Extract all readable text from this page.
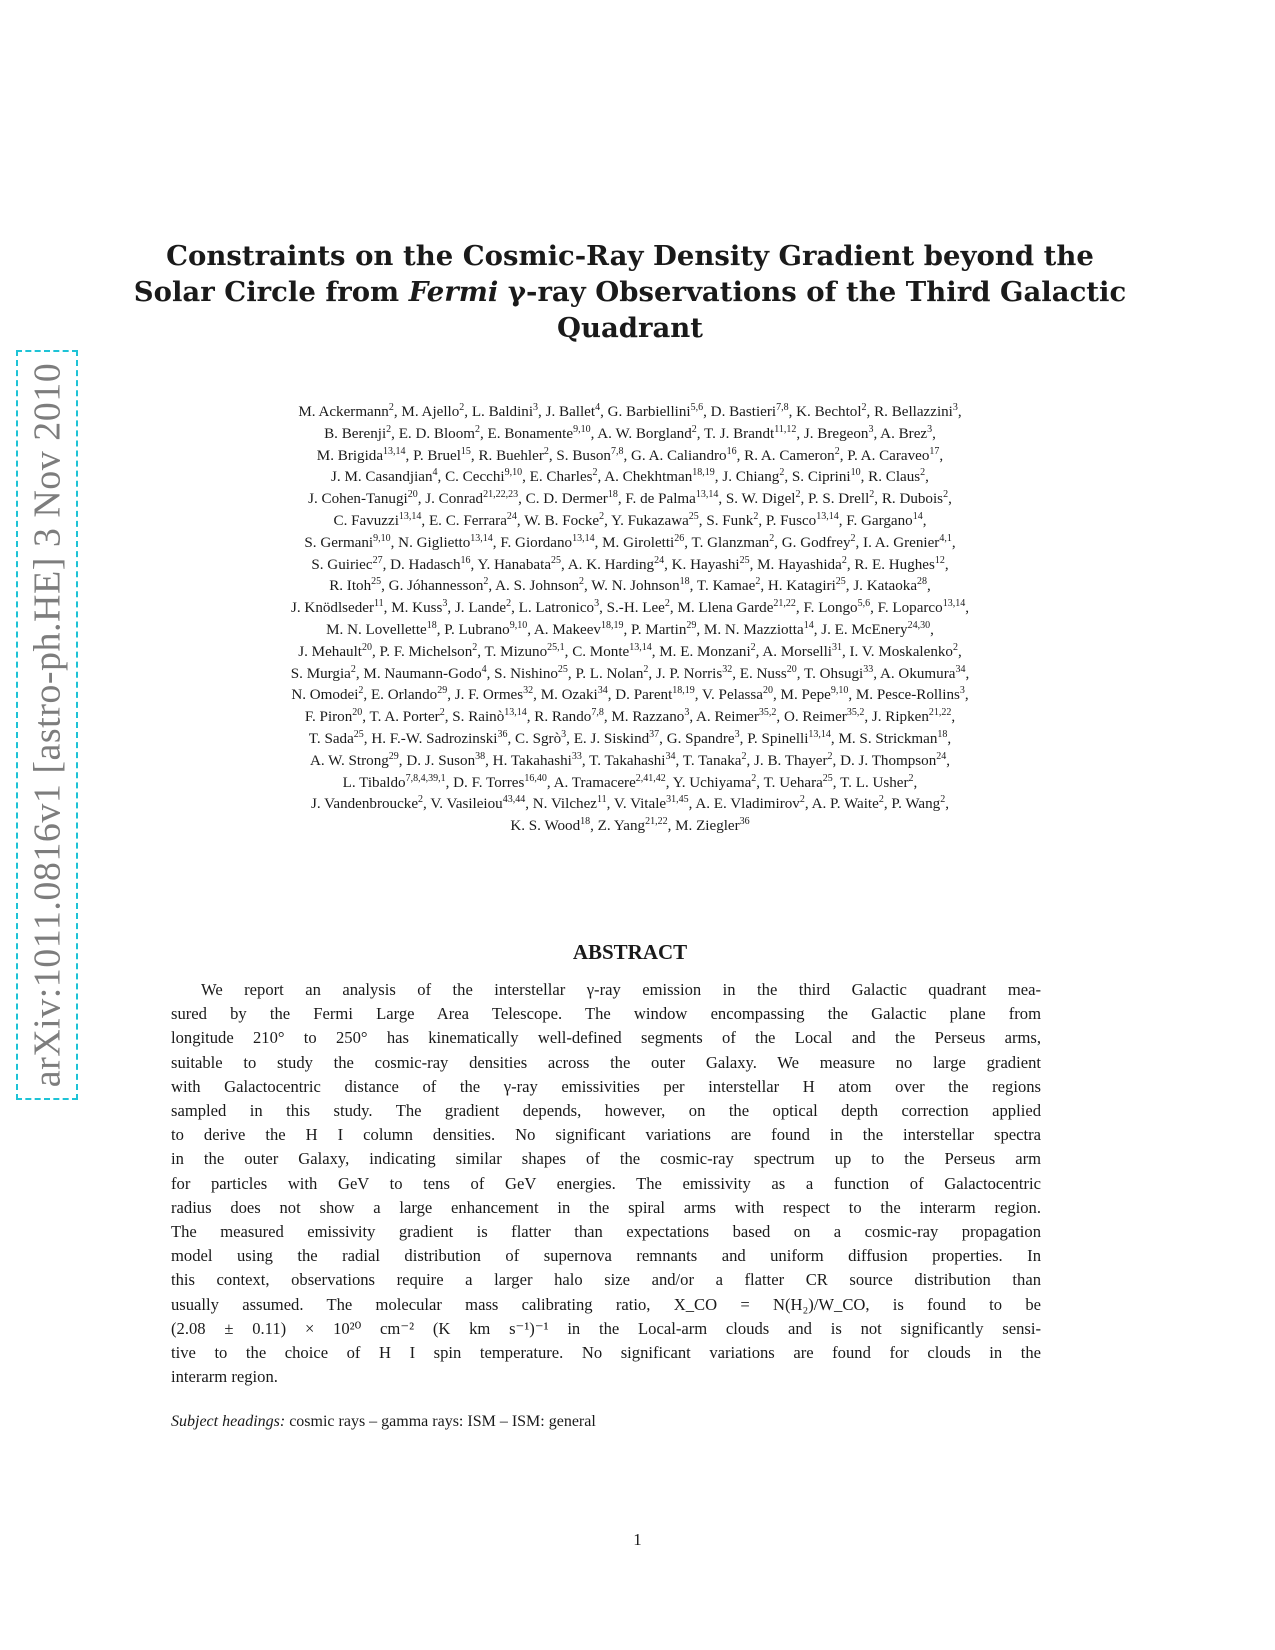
arXiv:1011.0816v1 [astro-ph.HE] 3 Nov 2010
Constraints on the Cosmic-Ray Density Gradient beyond the
Solar Circle from Fermi γ-ray Observations of the Third Galactic
Quadrant
M. Ackermann$^2$, M. Ajello$^2$, L. Baldini$^3$, J. Ballet$^4$, G. Barbiellini$^{5,6}$, D. Bastieri$^{7,8}$, K. Bechtol$^2$, R. Bellazzini$^3$,
B. Berenji$^2$, E. D. Bloom$^2$, E. Bonamente$^{9,10}$, A. W. Borgland$^2$, T. J. Brandt$^{11,12}$, J. Bregeon$^3$, A. Brez$^3$,
M. Brigida$^{13,14}$, P. Bruel$^{15}$, R. Buehler$^2$, S. Buson$^{7,8}$, G. A. Caliandro$^{16}$, R. A. Cameron$^2$, P. A. Caraveo$^{17}$,
J. M. Casandjian$^4$, C. Cecchi$^{9,10}$, E. Charles$^2$, A. Chekhtman$^{18,19}$, J. Chiang$^2$, S. Ciprini$^{10}$, R. Claus$^2$,
J. Cohen-Tanugi$^{20}$, J. Conrad$^{21,22,23}$, C. D. Dermer$^{18}$, F. de Palma$^{13,14}$, S. W. Digel$^2$, P. S. Drell$^2$, R. Dubois$^2$,
C. Favuzzi$^{13,14}$, E. C. Ferrara$^{24}$, W. B. Focke$^2$, Y. Fukazawa$^{25}$, S. Funk$^2$, P. Fusco$^{13,14}$, F. Gargano$^{14}$,
S. Germani$^{9,10}$, N. Giglietto$^{13,14}$, F. Giordano$^{13,14}$, M. Giroletti$^{26}$, T. Glanzman$^2$, G. Godfrey$^2$, I. A. Grenier$^{4,1}$,
S. Guiriec$^{27}$, D. Hadasch$^{16}$, Y. Hanabata$^{25}$, A. K. Harding$^{24}$, K. Hayashi$^{25}$, M. Hayashida$^2$, R. E. Hughes$^{12}$,
R. Itoh$^{25}$, G. Jóhannesson$^2$, A. S. Johnson$^2$, W. N. Johnson$^{18}$, T. Kamae$^2$, H. Katagiri$^{25}$, J. Kataoka$^{28}$,
J. Knödlseder$^{11}$, M. Kuss$^3$, J. Lande$^2$, L. Latronico$^3$, S.-H. Lee$^2$, M. Llena Garde$^{21,22}$, F. Longo$^{5,6}$, F. Loparco$^{13,14}$,
M. N. Lovellette$^{18}$, P. Lubrano$^{9,10}$, A. Makeev$^{18,19}$, P. Martin$^{29}$, M. N. Mazziotta$^{14}$, J. E. McEnery$^{24,30}$,
J. Mehault$^{20}$, P. F. Michelson$^2$, T. Mizuno$^{25,1}$, C. Monte$^{13,14}$, M. E. Monzani$^2$, A. Morselli$^{31}$, I. V. Moskalenko$^2$,
S. Murgia$^2$, M. Naumann-Godo$^4$, S. Nishino$^{25}$, P. L. Nolan$^2$, J. P. Norris$^{32}$, E. Nuss$^{20}$, T. Ohsugi$^{33}$, A. Okumura$^{34}$,
N. Omodei$^2$, E. Orlando$^{29}$, J. F. Ormes$^{32}$, M. Ozaki$^{34}$, D. Parent$^{18,19}$, V. Pelassa$^{20}$, M. Pepe$^{9,10}$, M. Pesce-Rollins$^3$,
F. Piron$^{20}$, T. A. Porter$^2$, S. Rainò$^{13,14}$, R. Rando$^{7,8}$, M. Razzano$^3$, A. Reimer$^{35,2}$, O. Reimer$^{35,2}$, J. Ripken$^{21,22}$,
T. Sada$^{25}$, H. F.-W. Sadrozinski$^{36}$, C. Sgrò$^3$, E. J. Siskind$^{37}$, G. Spandre$^3$, P. Spinelli$^{13,14}$, M. S. Strickman$^{18}$,
A. W. Strong$^{29}$, D. J. Suson$^{38}$, H. Takahashi$^{33}$, T. Takahashi$^{34}$, T. Tanaka$^2$, J. B. Thayer$^2$, D. J. Thompson$^{24}$,
L. Tibaldo$^{7,8,4,39,1}$, D. F. Torres$^{16,40}$, A. Tramacere$^{2,41,42}$, Y. Uchiyama$^2$, T. Uehara$^{25}$, T. L. Usher$^2$,
J. Vandenbroucke$^2$, V. Vasileiou$^{43,44}$, N. Vilchez$^{11}$, V. Vitale$^{31,45}$, A. E. Vladimirov$^2$, A. P. Waite$^2$, P. Wang$^2$,
K. S. Wood$^{18}$, Z. Yang$^{21,22}$, M. Ziegler$^{36}$
ABSTRACT
We report an analysis of the interstellar γ-ray emission in the third Galactic quadrant mea-
sured by the Fermi Large Area Telescope. The window encompassing the Galactic plane from
longitude 210° to 250° has kinematically well-defined segments of the Local and the Perseus arms,
suitable to study the cosmic-ray densities across the outer Galaxy. We measure no large gradient
with Galactocentric distance of the γ-ray emissivities per interstellar H atom over the regions
sampled in this study. The gradient depends, however, on the optical depth correction applied
to derive the H I column densities. No significant variations are found in the interstellar spectra
in the outer Galaxy, indicating similar shapes of the cosmic-ray spectrum up to the Perseus arm
for particles with GeV to tens of GeV energies. The emissivity as a function of Galactocentric
radius does not show a large enhancement in the spiral arms with respect to the interarm region.
The measured emissivity gradient is flatter than expectations based on a cosmic-ray propagation
model using the radial distribution of supernova remnants and uniform diffusion properties. In
this context, observations require a larger halo size and/or a flatter CR source distribution than
usually assumed. The molecular mass calibrating ratio, X_CO = N(H₂)/W_CO, is found to be
(2.08 ± 0.11) × 10²⁰ cm⁻² (K km s⁻¹)⁻¹ in the Local-arm clouds and is not significantly sensi-
tive to the choice of H I spin temperature. No significant variations are found for clouds in the
interarm region.
Subject headings: cosmic rays – gamma rays: ISM – ISM: general
1
